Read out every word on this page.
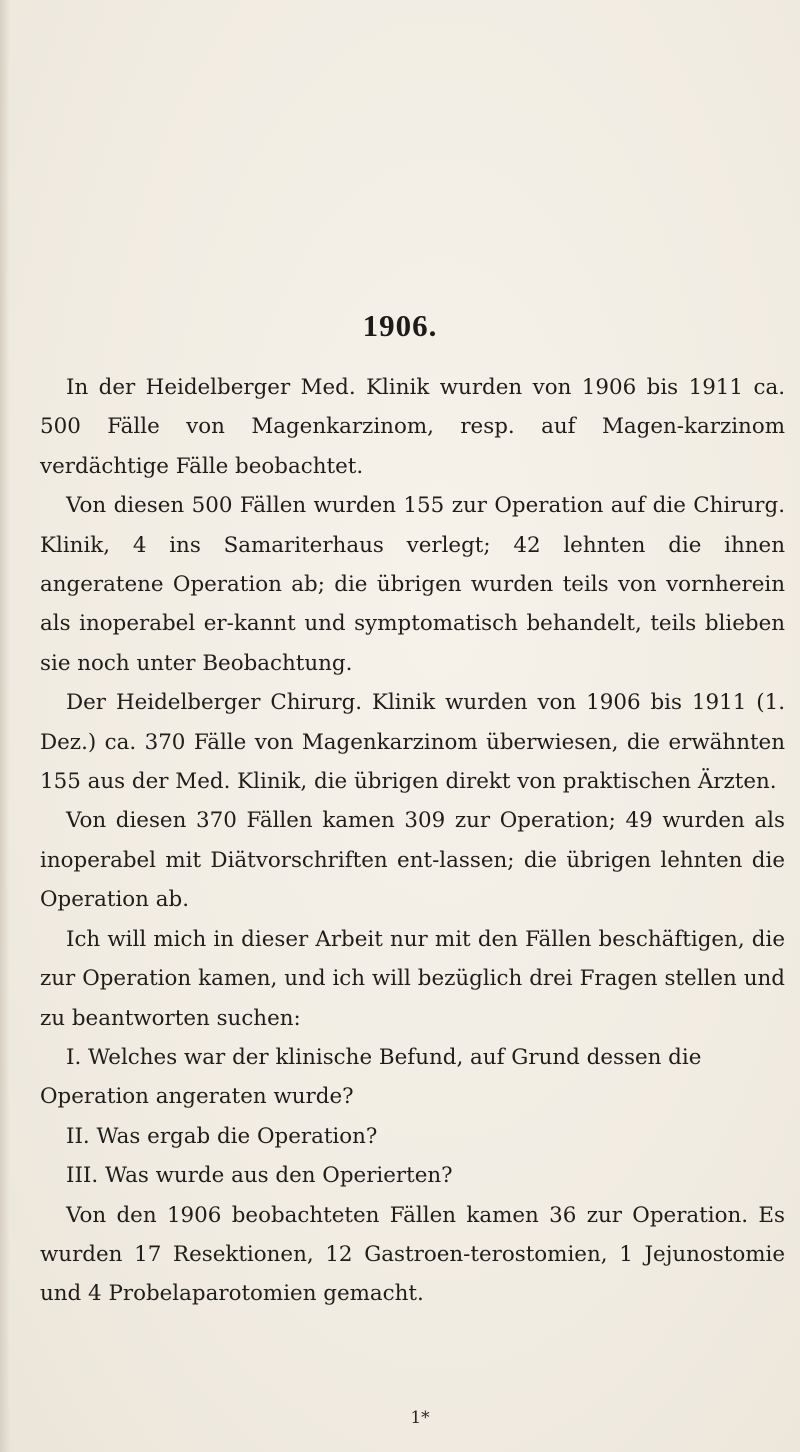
1906.

In der Heidelberger Med. Klinik wurden von 1906 bis 1911 ca. 500 Fälle von Magenkarzinom, resp. auf Magen-karzinom verdächtige Fälle beobachtet.

Von diesen 500 Fällen wurden 155 zur Operation auf die Chirurg. Klinik, 4 ins Samariterhaus verlegt; 42 lehnten die ihnen angeratene Operation ab; die übrigen wurden teils von vornherein als inoperabel er-kannt und symptomatisch behandelt, teils blieben sie noch unter Beobachtung.

Der Heidelberger Chirurg. Klinik wurden von 1906 bis 1911 (1. Dez.) ca. 370 Fälle von Magenkarzinom überwiesen, die erwähnten 155 aus der Med. Klinik, die übrigen direkt von praktischen Ärzten.

Von diesen 370 Fällen kamen 309 zur Operation; 49 wurden als inoperabel mit Diätvorschriften ent-lassen; die übrigen lehnten die Operation ab.

Ich will mich in dieser Arbeit nur mit den Fällen beschäftigen, die zur Operation kamen, und ich will bezüglich drei Fragen stellen und zu beantworten suchen:

I. Welches war der klinische Befund, auf Grund dessen die Operation angeraten wurde?

II. Was ergab die Operation?

III. Was wurde aus den Operierten?

Von den 1906 beobachteten Fällen kamen 36 zur Operation. Es wurden 17 Resektionen, 12 Gastroen-terostomien, 1 Jejunostomie und 4 Probelaparotomien gemacht.

1*
